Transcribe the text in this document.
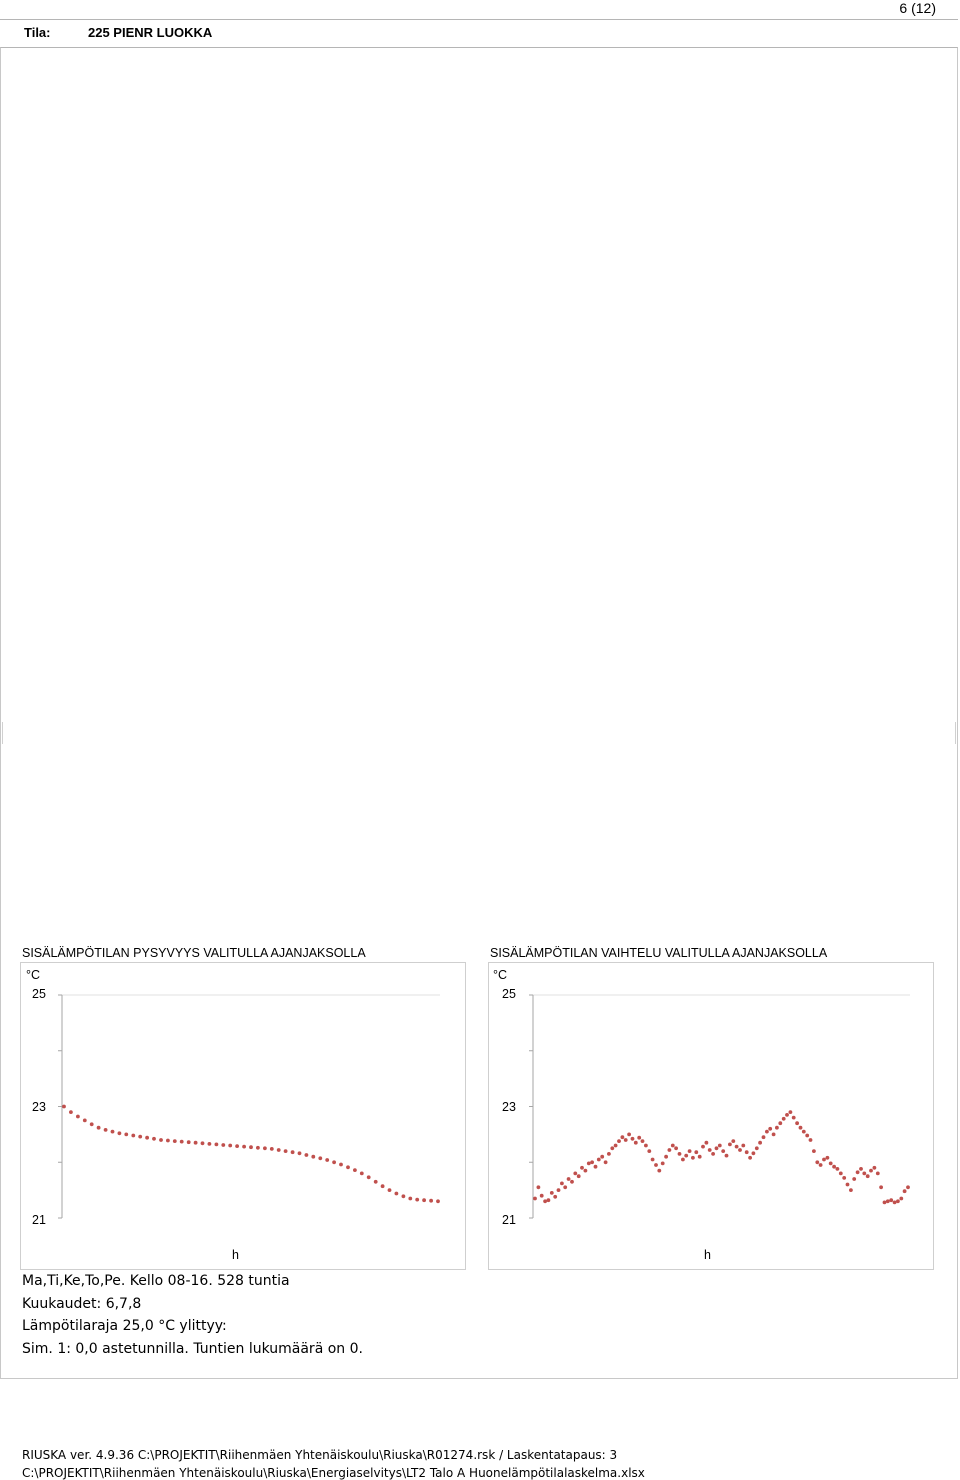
6 (12)
Tila:	225 PIENR LUOKKA
SISÄLÄMPÖTILAN PYSYVYYS VALITULLA AJANJAKSOLLA
°C
25
23
21
h
SISÄLÄMPÖTILAN VAIHTELU VALITULLA AJANJAKSOLLA
°C
25
23
21
h
Ma,Ti,Ke,To,Pe. Kello 08-16. 528 tuntia
Kuukaudet: 6,7,8
Lämpötilaraja 25,0 °C ylittyy:
Sim. 1: 0,0 astetunnilla. Tuntien lukumäärä on 0.
RIUSKA ver. 4.9.36 C:\PROJEKTIT\Riihenmäen Yhtenäiskoulu\Riuska\R01274.rsk / Laskentatapaus: 3
C:\PROJEKTIT\Riihenmäen Yhtenäiskoulu\Riuska\Energiaselvitys\LT2 Talo A Huonelämpötilalaskelma.xlsx
